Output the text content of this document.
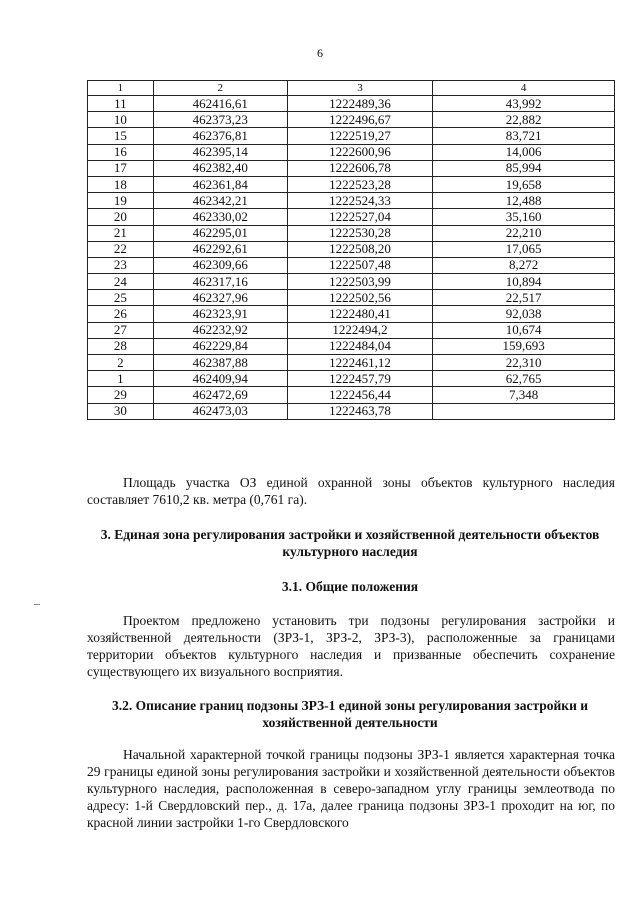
6
1	2	3	4
11	462416,61	1222489,36	43,992
10	462373,23	1222496,67	22,882
15	462376,81	1222519,27	83,721
16	462395,14	1222600,96	14,006
17	462382,40	1222606,78	85,994
18	462361,84	1222523,28	19,658
19	462342,21	1222524,33	12,488
20	462330,02	1222527,04	35,160
21	462295,01	1222530,28	22,210
22	462292,61	1222508,20	17,065
23	462309,66	1222507,48	8,272
24	462317,16	1222503,99	10,894
25	462327,96	1222502,56	22,517
26	462323,91	1222480,41	92,038
27	462232,92	1222494,2	10,674
28	462229,84	1222484,04	159,693
2	462387,88	1222461,12	22,310
1	462409,94	1222457,79	62,765
29	462472,69	1222456,44	7,348
30	462473,03	1222463,78	

Площадь участка ОЗ единой охранной зоны объектов культурного наследия составляет 7610,2 кв. метра (0,761 га).

3. Единая зона регулирования застройки и хозяйственной деятельности объектов культурного наследия

3.1. Общие положения

Проектом предложено установить три подзоны регулирования застройки и хозяйственной деятельности (ЗРЗ-1, ЗРЗ-2, ЗРЗ-3), расположенные за границами территории объектов культурного наследия и призванные обеспечить сохранение существующего их визуального восприятия.

3.2. Описание границ подзоны ЗРЗ-1 единой зоны регулирования застройки и хозяйственной деятельности

Начальной характерной точкой границы подзоны ЗРЗ-1 является характерная точка 29 границы единой зоны регулирования застройки и хозяйственной деятельности объектов культурного наследия, расположенная в северо-западном углу границы землеотвода по адресу: 1-й Свердловский пер., д. 17а, далее граница подзоны ЗРЗ-1 проходит на юг, по красной линии застройки 1-го Свердловского
